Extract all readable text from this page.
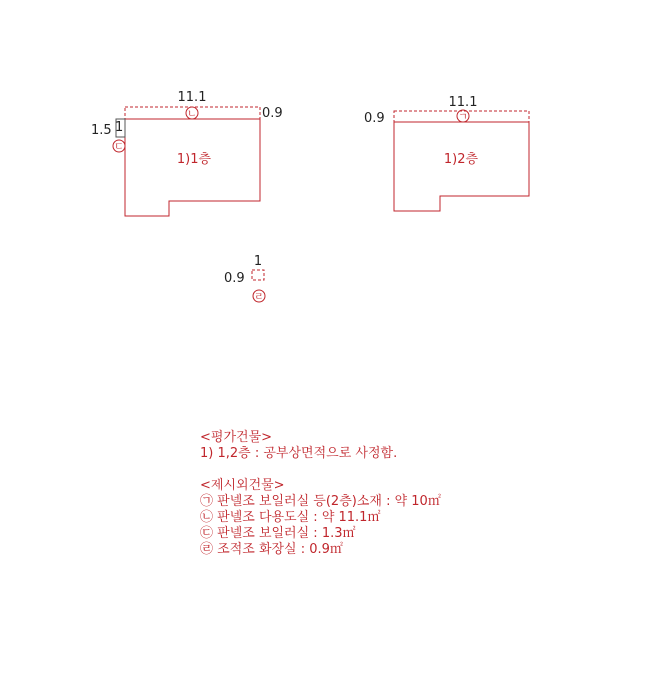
11.1
0.9
1.5 1
ㄴ
ㄷ
1)1층
11.1
0.9	ㄱ
1)2층
1
0.9
ㄹ
<평가건물>
1) 1,2층 : 공부상면적으로 사정함.
<제시외건물>
㉠ 판넬조 보일러실 등(2층)소재 : 약 10㎡
㉡ 판넬조 다용도실 : 약 11.1㎡
㉢ 판넬조 보일러실 : 1.3㎡
㉣ 조적조 화장실 : 0.9㎡
